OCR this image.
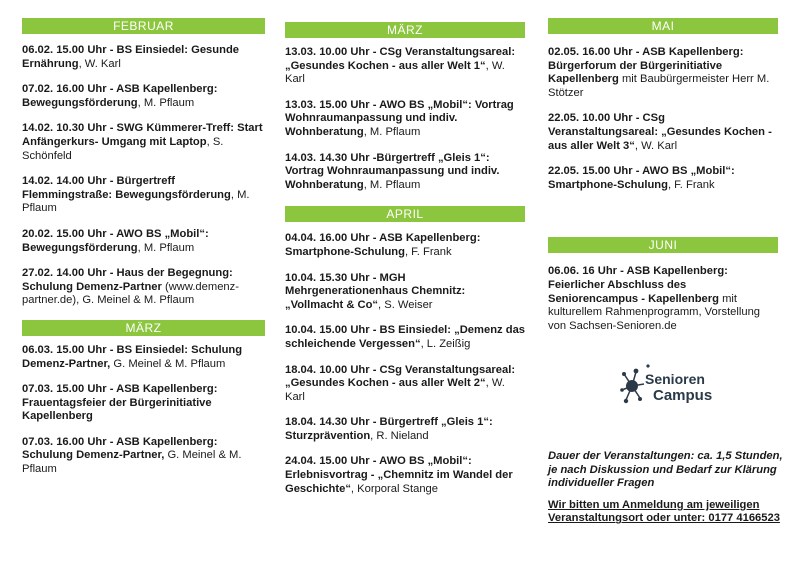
FEBRUAR
06.02. 15.00 Uhr - BS Einsiedel: Gesunde Ernährung, W. Karl
07.02. 16.00 Uhr - ASB Kapellenberg: Bewegungsförderung, M. Pflaum
14.02. 10.30 Uhr - SWG Kümmerer-Treff: Start Anfängerkurs- Umgang mit Laptop, S. Schönfeld
14.02. 14.00 Uhr - Bürgertreff Flemmingstraße: Bewegungsförderung, M. Pflaum
20.02. 15.00 Uhr - AWO BS „Mobil“: Bewegungsförderung, M. Pflaum
27.02. 14.00 Uhr - Haus der Begegnung: Schulung Demenz-Partner (www.demenz-partner.de), G. Meinel & M. Pflaum
MÄRZ
06.03. 15.00 Uhr - BS Einsiedel: Schulung Demenz-Partner, G. Meinel & M. Pflaum
07.03. 15.00 Uhr - ASB Kapellenberg: Frauentagsfeier der Bürgerinitiative Kapellenberg
07.03. 16.00 Uhr - ASB Kapellenberg: Schulung Demenz-Partner, G. Meinel & M. Pflaum
MÄRZ
13.03. 10.00 Uhr - CSg Veranstaltungsareal: „Gesundes Kochen - aus aller Welt 1“, W. Karl
13.03. 15.00 Uhr - AWO BS „Mobil“: Vortrag Wohnraumanpassung und indiv. Wohnberatung, M. Pflaum
14.03. 14.30 Uhr -Bürgertreff „Gleis 1“: Vortrag Wohnraumanpassung und indiv. Wohnberatung, M. Pflaum
APRIL
04.04. 16.00 Uhr - ASB Kapellenberg: Smartphone-Schulung, F. Frank
10.04. 15.30 Uhr - MGH Mehrgenerationenhaus Chemnitz: „Vollmacht & Co“, S. Weiser
10.04. 15.00 Uhr - BS Einsiedel: „Demenz das schleichende Vergessen“, L. Zeißig
18.04. 10.00 Uhr - CSg Veranstaltungsareal: „Gesundes Kochen - aus aller Welt 2“, W. Karl
18.04. 14.30 Uhr - Bürgertreff „Gleis 1“: Sturzprävention, R. Nieland
24.04. 15.00 Uhr - AWO BS „Mobil“: Erlebnisvortrag - „Chemnitz im Wandel der Geschichte“, Korporal Stange
MAI
02.05. 16.00 Uhr - ASB Kapellenberg: Bürgerforum der Bürgerinitiative Kapellenberg mit Baubürgermeister Herr M. Stötzer
22.05. 10.00 Uhr - CSg Veranstaltungsareal: „Gesundes Kochen - aus aller Welt 3“, W. Karl
22.05. 15.00 Uhr - AWO BS „Mobil“: Smartphone-Schulung, F. Frank
JUNI
06.06. 16 Uhr - ASB Kapellenberg: Feierlicher Abschluss des Seniorencampus - Kapellenberg mit kulturellem Rahmenprogramm, Vorstellung von Sachsen-Senioren.de
Senioren
Campus
Dauer der Veranstaltungen: ca. 1,5 Stunden, je nach Diskussion und Bedarf zur Klärung individueller Fragen
Wir bitten um Anmeldung am jeweiligen Veranstaltungsort oder unter: 0177 4166523
